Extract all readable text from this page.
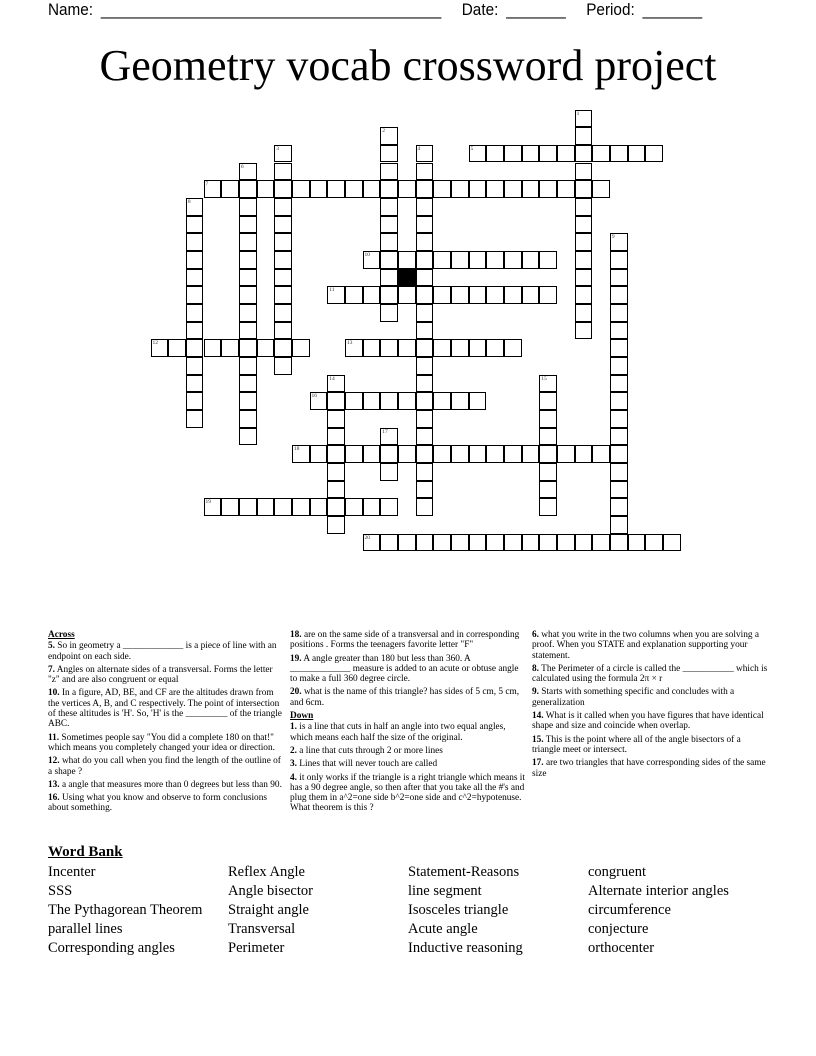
Name: ________________________________________ Date: _______ Period: _______
Geometry vocab crossword project
1
2
3	4	5
6
7
8
9
10
11
12	13
14	15
16
17
18
19
20
Across
5. So in geometry a _____________ is a piece of line with an endpoint on each side.
7. Angles on alternate sides of a transversal. Forms the letter "z" and are also congruent or equal
10. In a figure, AD, BE, and CF are the altitudes drawn from the vertices A, B, and C respectively. The point of intersection of these altitudes is 'H'. So, 'H' is the _________ of the triangle ABC.
11. Sometimes people say "You did a complete 180 on that!" which means you completely changed your idea or direction.
12. what do you call when you find the length of the outline of a shape ?
13. a angle that measures more than 0 degrees but less than 90.
16. Using what you know and observe to form conclusions about something.
18. are on the same side of a transversal and in corresponding positions . Forms the teenagers favorite letter "F"
19. A angle greater than 180 but less than 360. A _____________ measure is added to an acute or obtuse angle to make a full 360 degree circle.
20. what is the name of this triangle? has sides of 5 cm, 5 cm, and 6cm.
Down
1. is a line that cuts in half an angle into two equal angles, which means each half the size of the original.
2. a line that cuts through 2 or more lines
3. Lines that will never touch are called
4. it only works if the triangle is a right triangle which means it has a 90 degree angle, so then after that you take all the #'s and plug them in a^2=one side b^2=one side and c^2=hypotenuse. What theorem is this ?
6. what you write in the two columns when you are solving a proof. When you STATE and explanation supporting your statement.
8. The Perimeter of a circle is called the ___________ which is calculated using the formula 2π × r
9. Starts with something specific and concludes with a generalization
14. What is it called when you have figures that have identical shape and size and coincide when overlap.
15. This is the point where all of the angle bisectors of a triangle meet or intersect.
17. are two triangles that have corresponding sides of the same size
Word Bank
Incenter
SSS
The Pythagorean Theorem
parallel lines
Corresponding angles
Reflex Angle
Angle bisector
Straight angle
Transversal
Perimeter
Statement-Reasons
line segment
Isosceles triangle
Acute angle
Inductive reasoning
congruent
Alternate interior angles
circumference
conjecture
orthocenter
